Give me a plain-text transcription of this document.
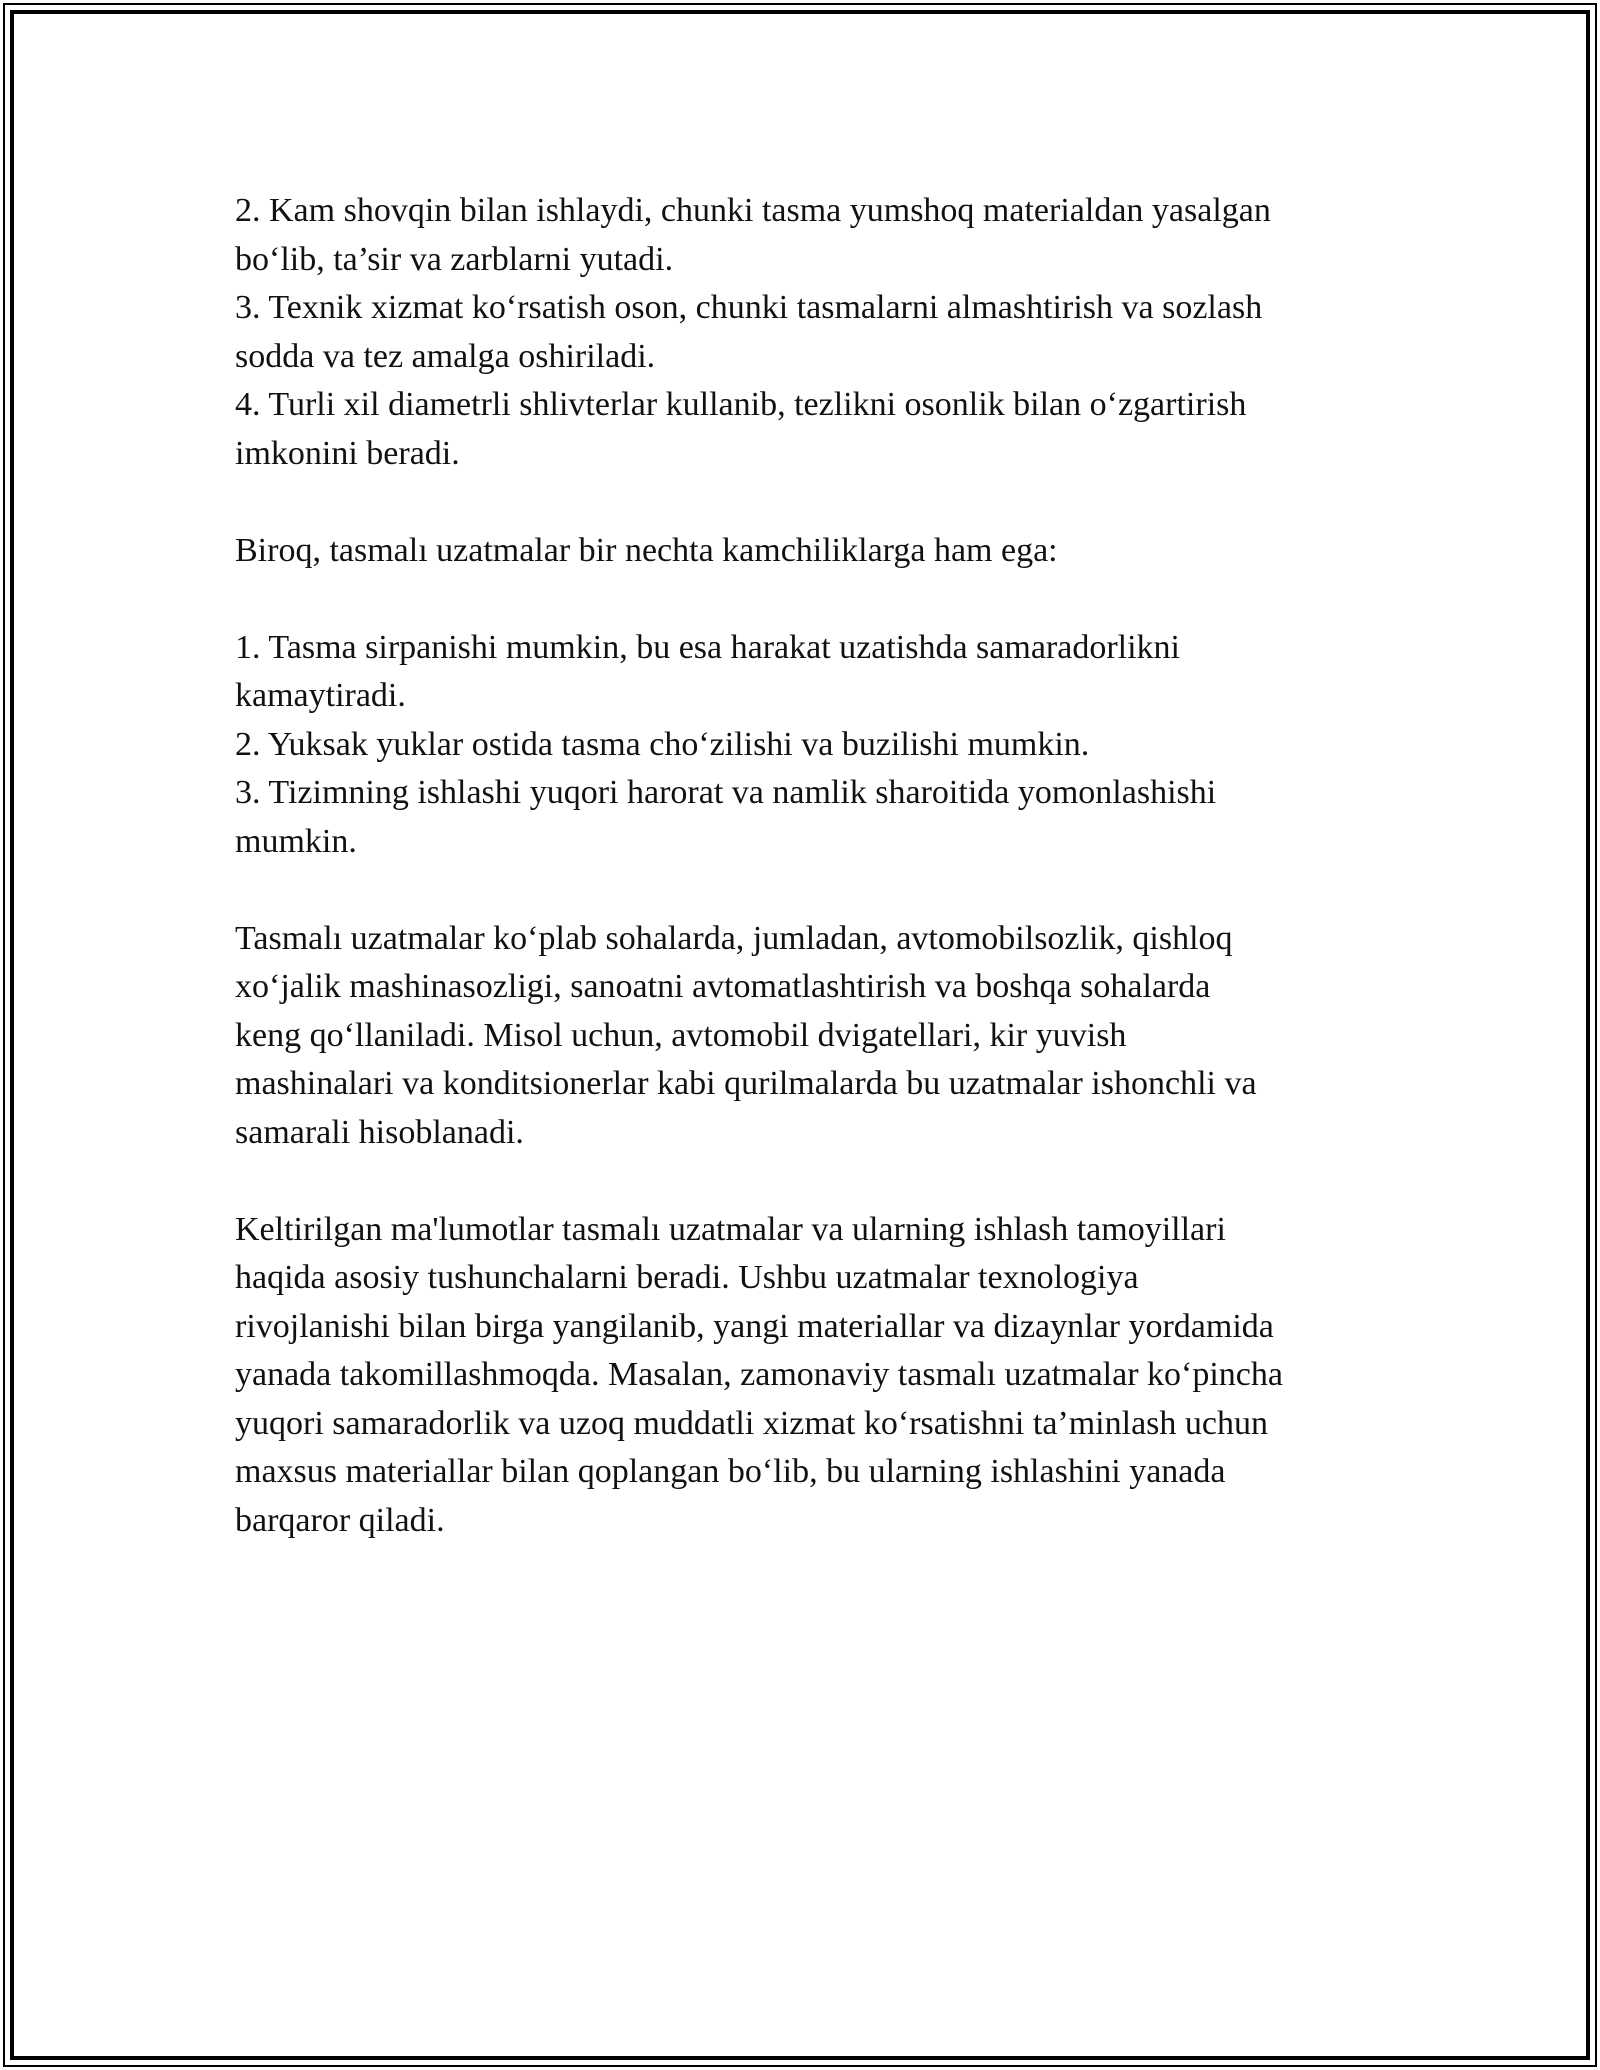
2. Kam shovqin bilan ishlaydi, chunki tasma yumshoq materialdan yasalgan
bo‘lib, ta’sir va zarblarni yutadi.
3. Texnik xizmat ko‘rsatish oson, chunki tasmalarni almashtirish va sozlash
sodda va tez amalga oshiriladi.
4. Turli xil diametrli shlivterlar kullanib, tezlikni osonlik bilan o‘zgartirish
imkonini beradi.

Biroq, tasmalı uzatmalar bir nechta kamchiliklarga ham ega:

1. Tasma sirpanishi mumkin, bu esa harakat uzatishda samaradorlikni
kamaytiradi.
2. Yuksak yuklar ostida tasma cho‘zilishi va buzilishi mumkin.
3. Tizimning ishlashi yuqori harorat va namlik sharoitida yomonlashishi
mumkin.

Tasmalı uzatmalar ko‘plab sohalarda, jumladan, avtomobilsozlik, qishloq
xo‘jalik mashinasozligi, sanoatni avtomatlashtirish va boshqa sohalarda
keng qo‘llaniladi. Misol uchun, avtomobil dvigatellari, kir yuvish
mashinalari va konditsionerlar kabi qurilmalarda bu uzatmalar ishonchli va
samarali hisoblanadi.

Keltirilgan ma'lumotlar tasmalı uzatmalar va ularning ishlash tamoyillari
haqida asosiy tushunchalarni beradi. Ushbu uzatmalar texnologiya
rivojlanishi bilan birga yangilanib, yangi materiallar va dizaynlar yordamida
yanada takomillashmoqda. Masalan, zamonaviy tasmalı uzatmalar ko‘pincha
yuqori samaradorlik va uzoq muddatli xizmat ko‘rsatishni ta’minlash uchun
maxsus materiallar bilan qoplangan bo‘lib, bu ularning ishlashini yanada
barqaror qiladi.
